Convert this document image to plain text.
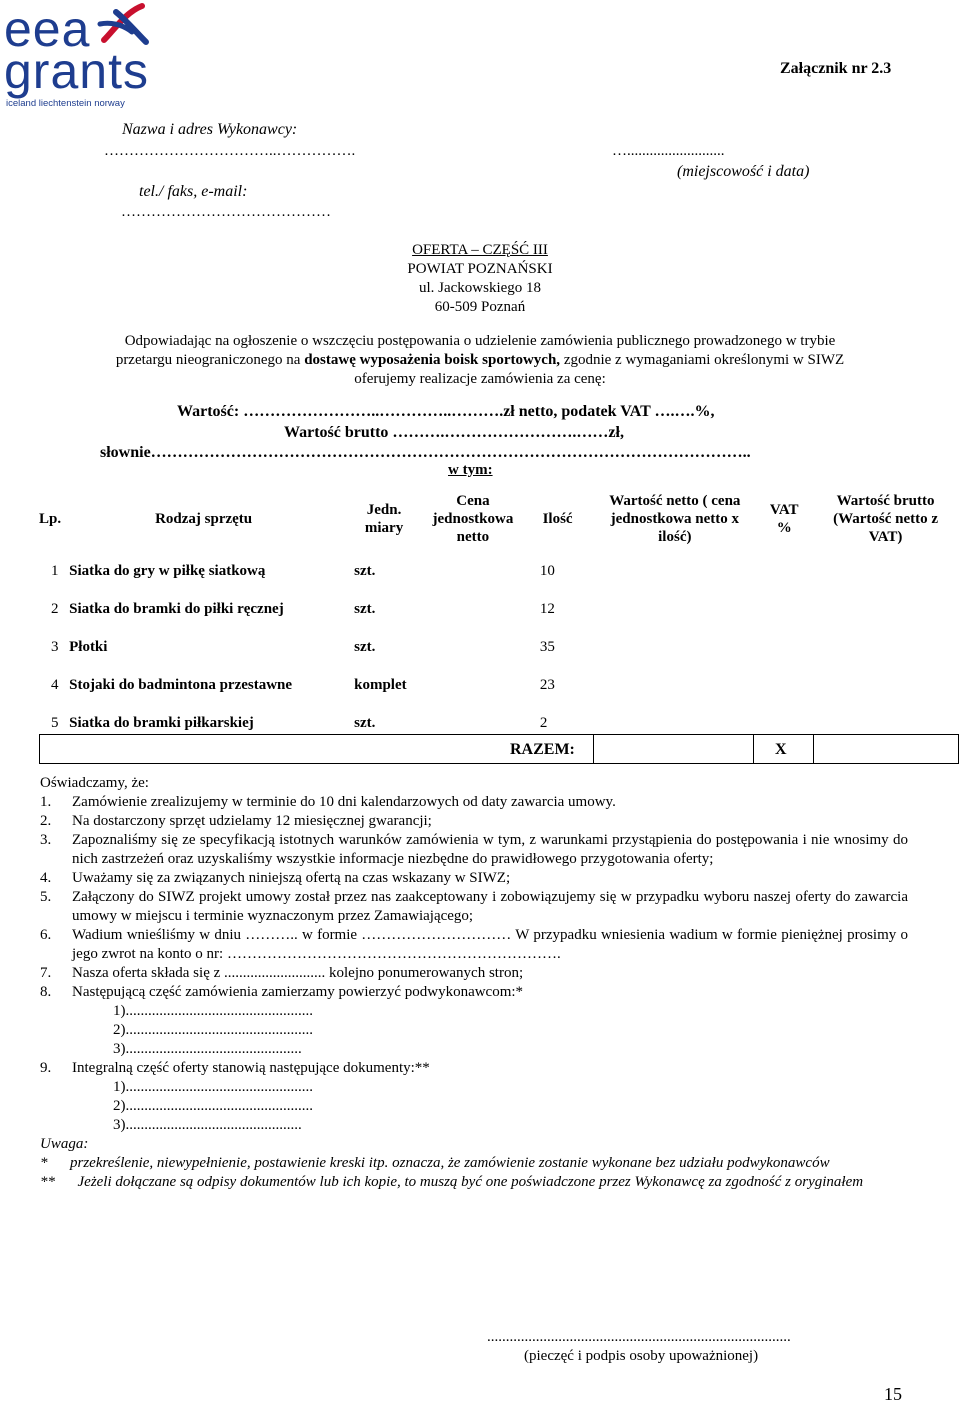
eea
grants
iceland liechtenstein norway
Załącznik nr 2.3
Nazwa i adres Wykonawcy:
……………………………..…………….	…..........................
(miejscowość i data)
tel./ faks, e-mail:
……………………………………
OFERTA – CZĘŚĆ III
POWIAT POZNAŃSKI
ul. Jackowskiego 18
60-509 Poznań
Odpowiadając na ogłoszenie o wszczęciu postępowania o udzielenie zamówienia publicznego prowadzonego w trybie
przetargu nieograniczonego na dostawę wyposażenia boisk sportowych, zgodnie z wymaganiami określonymi w SIWZ
oferujemy realizacje zamówienia za cenę:
Wartość: ……………………..…………..……….zł netto, podatek VAT ….….%,
Wartość brutto ……….…………………….……zł,
słownie…………………………………………………………………………………………………..
w tym:
Lp.	Rodzaj sprzętu	Jedn. miary	Cena jednostkowa netto	Ilość	Wartość netto ( cena jednostkowa netto x ilość)	VAT %	Wartość brutto (Wartość netto z VAT)
1	Siatka do gry w piłkę siatkową	szt.		10			
2	Siatka do bramki do piłki ręcznej	szt.		12			
3	Płotki	szt.		35			
4	Stojaki do badmintona przestawne	komplet		23			
5	Siatka do bramki piłkarskiej	szt.		2			
RAZEM:	X
Oświadczamy, że:
1. Zamówienie zrealizujemy w terminie do 10 dni kalendarzowych od daty zawarcia umowy.
2. Na dostarczony sprzęt udzielamy 12 miesięcznej gwarancji;
3. Zapoznaliśmy się ze specyfikacją istotnych warunków zamówienia w tym, z warunkami przystąpienia do postępowania i nie wnosimy do nich zastrzeżeń oraz uzyskaliśmy wszystkie informacje niezbędne do prawidłowego przygotowania oferty;
4. Uważamy się za związanych niniejszą ofertą na czas wskazany w SIWZ;
5. Załączony do SIWZ projekt umowy został przez nas zaakceptowany i zobowiązujemy się w przypadku wyboru naszej oferty do zawarcia umowy w miejscu i terminie wyznaczonym przez Zamawiającego;
6. Wadium wnieśliśmy w dniu ……….. w formie ………………………… W przypadku wniesienia wadium w formie pieniężnej prosimy o jego zwrot na konto o nr: ………………………………………………………….
7. Nasza oferta składa się z ........................... kolejno ponumerowanych stron;
8. Następującą część zamówienia zamierzamy powierzyć podwykonawcom:*
1)..................................................
2)..................................................
3)...............................................
9. Integralną część oferty stanowią następujące dokumenty:**
1)..................................................
2)..................................................
3)...............................................
Uwaga:
*      przekreślenie, niewypełnienie, postawienie kreski itp. oznacza, że zamówienie zostanie wykonane bez udziału podwykonawców
**      Jeżeli dołączane są odpisy dokumentów lub ich kopie, to muszą być one poświadczone przez Wykonawcę za zgodność z oryginałem
.................................................................................
(pieczęć i podpis osoby upoważnionej)
15
